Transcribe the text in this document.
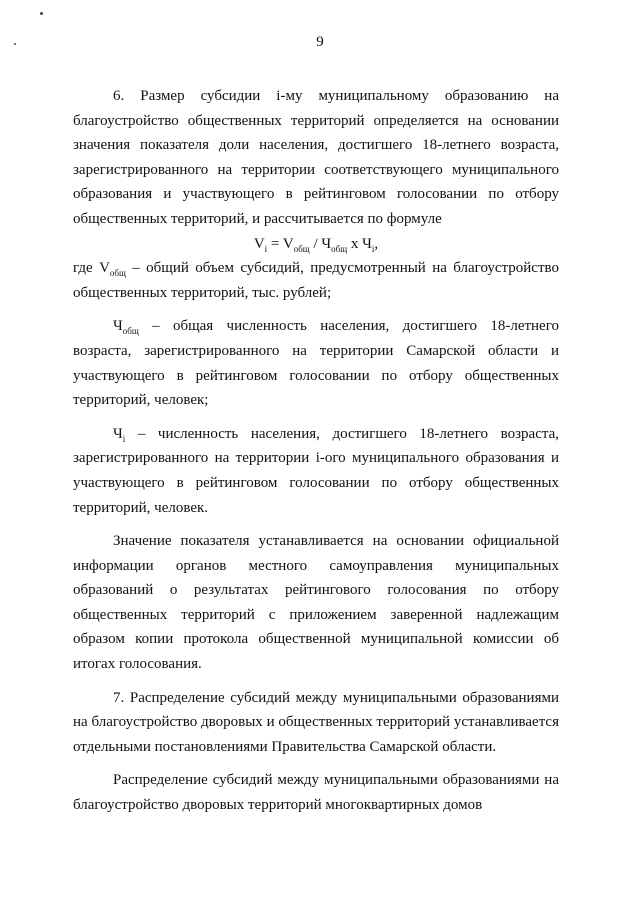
9

6. Размер субсидии i-му муниципальному образованию на благоустройство общественных территорий определяется на основании значения показателя доли населения, достигшего 18-летнего возраста, зарегистрированного на территории соответствующего муниципального образования и участвующего в рейтинговом голосовании по отбору общественных территорий, и рассчитывается по формуле

$V_i = V_{общ} / Ч_{общ}$ x $Ч_i$,

где $V_{общ}$ – общий объем субсидий, предусмотренный на благоустройство общественных территорий, тыс. рублей;

$Ч_{общ}$ – общая численность населения, достигшего 18-летнего возраста, зарегистрированного на территории Самарской области и участвующего в рейтинговом голосовании по отбору общественных территорий, человек;

$Ч_i$ – численность населения, достигшего 18-летнего возраста, зарегистрированного на территории i-ого муниципального образования и участвующего в рейтинговом голосовании по отбору общественных территорий, человек.

Значение показателя устанавливается на основании официальной информации органов местного самоуправления муниципальных образований о результатах рейтингового голосования по отбору общественных территорий с приложением заверенной надлежащим образом копии протокола общественной муниципальной комиссии об итогах голосования.

7. Распределение субсидий между муниципальными образованиями на благоустройство дворовых и общественных территорий устанавливается отдельными постановлениями Правительства Самарской области.

Распределение субсидий между муниципальными образованиями на благоустройство дворовых территорий многоквартирных домов
